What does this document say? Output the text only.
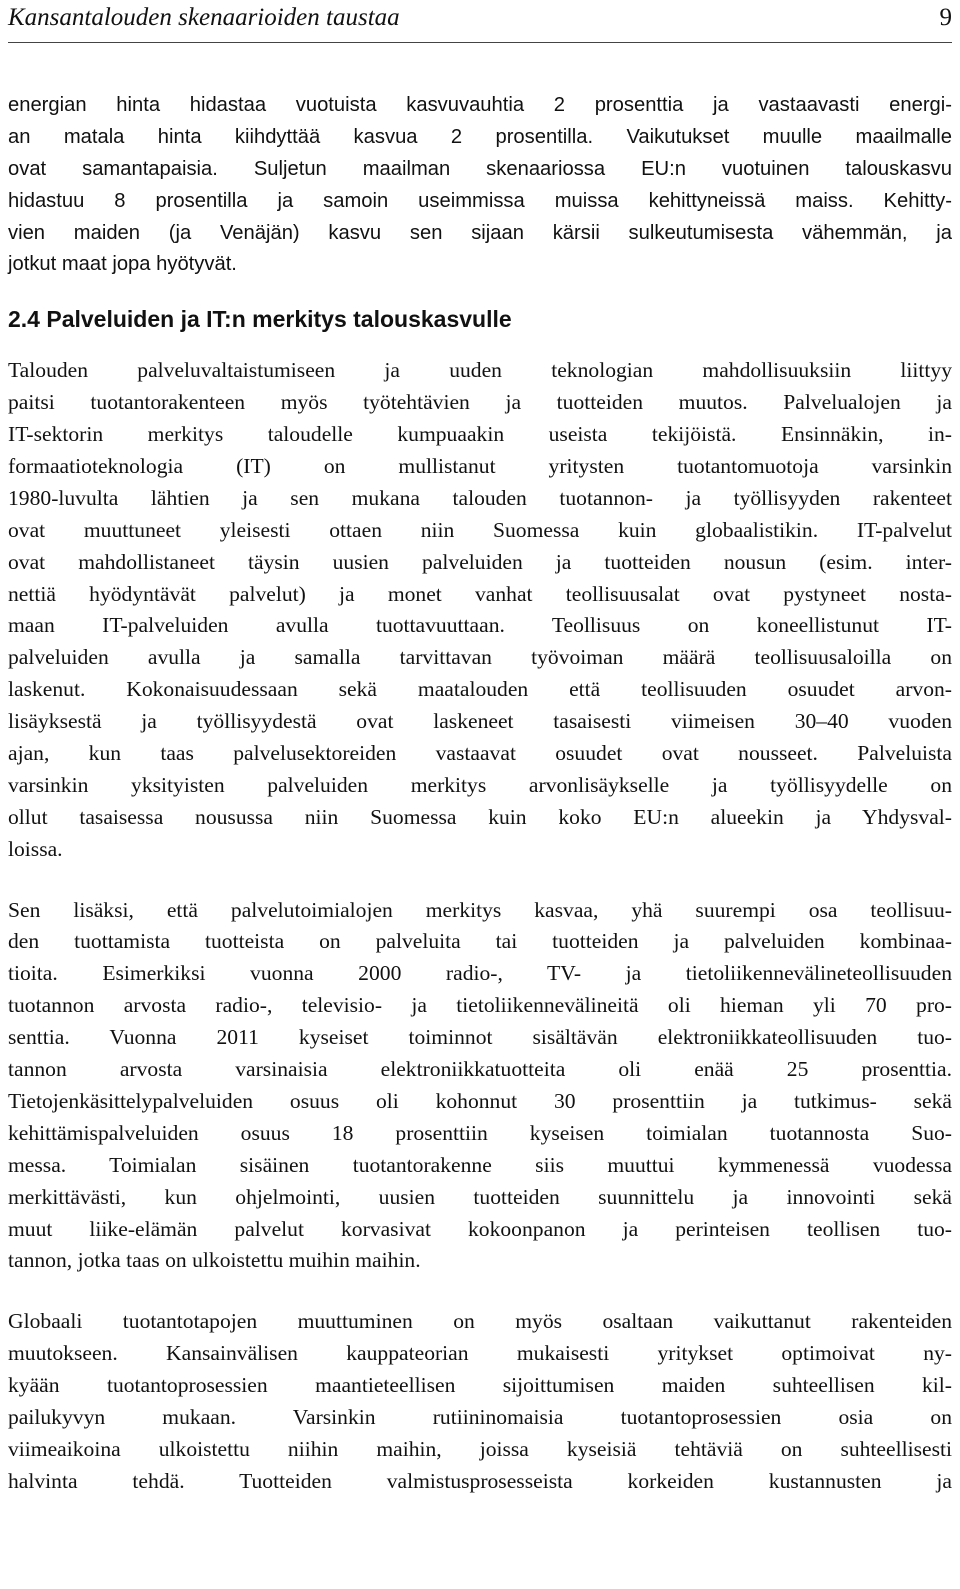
Kansantalouden skenaarioiden taustaa	9
energian hinta hidastaa vuotuista kasvuvauhtia 2 prosenttia ja vastaavasti energi-
an matala hinta kiihdyttää kasvua 2 prosentilla. Vaikutukset muulle maailmalle
ovat samantapaisia. Suljetun maailman skenaariossa EU:n vuotuinen talouskasvu
hidastuu 8 prosentilla ja samoin useimmissa muissa kehittyneissä maiss. Kehitty-
vien maiden (ja Venäjän) kasvu sen sijaan kärsii sulkeutumisesta vähemmän, ja
jotkut maat jopa hyötyvät.
2.4 Palveluiden ja IT:n merkitys talouskasvulle
Talouden palveluvaltaistumiseen ja uuden teknologian mahdollisuuksiin liittyy
paitsi tuotantorakenteen myös työtehtävien ja tuotteiden muutos. Palvelualojen ja
IT-sektorin merkitys taloudelle kumpuaakin useista tekijöistä. Ensinnäkin, in-
formaatioteknologia (IT) on mullistanut yritysten tuotantomuotoja varsinkin
1980-luvulta lähtien ja sen mukana talouden tuotannon- ja työllisyyden rakenteet
ovat muuttuneet yleisesti ottaen niin Suomessa kuin globaalistikin. IT-palvelut
ovat mahdollistaneet täysin uusien palveluiden ja tuotteiden nousun (esim. inter-
nettiä hyödyntävät palvelut) ja monet vanhat teollisuusalat ovat pystyneet nosta-
maan IT-palveluiden avulla tuottavuuttaan. Teollisuus on koneellistunut IT-
palveluiden avulla ja samalla tarvittavan työvoiman määrä teollisuusaloilla on
laskenut. Kokonaisuudessaan sekä maatalouden että teollisuuden osuudet arvon-
lisäyksestä ja työllisyydestä ovat laskeneet tasaisesti viimeisen 30–40 vuoden
ajan, kun taas palvelusektoreiden vastaavat osuudet ovat nousseet. Palveluista
varsinkin yksityisten palveluiden merkitys arvonlisäykselle ja työllisyydelle on
ollut tasaisessa nousussa niin Suomessa kuin koko EU:n alueekin ja Yhdysval-
loissa.
Sen lisäksi, että palvelutoimialojen merkitys kasvaa, yhä suurempi osa teollisuu-
den tuottamista tuotteista on palveluita tai tuotteiden ja palveluiden kombinaa-
tioita. Esimerkiksi vuonna 2000 radio-, TV- ja tietoliikennevälineteollisuuden
tuotannon arvosta radio-, televisio- ja tietoliikennevälineitä oli hieman yli 70 pro-
senttia. Vuonna 2011 kyseiset toiminnot sisältävän elektroniikkateollisuuden tuo-
tannon arvosta varsinaisia elektroniikkatuotteita oli enää 25 prosenttia.
Tietojenkäsittelypalveluiden osuus oli kohonnut 30 prosenttiin ja tutkimus- sekä
kehittämispalveluiden osuus 18 prosenttiin kyseisen toimialan tuotannosta Suo-
messa. Toimialan sisäinen tuotantorakenne siis muuttui kymmenessä vuodessa
merkittävästi, kun ohjelmointi, uusien tuotteiden suunnittelu ja innovointi sekä
muut liike-elämän palvelut korvasivat kokoonpanon ja perinteisen teollisen tuo-
tannon, jotka taas on ulkoistettu muihin maihin.
Globaali tuotantotapojen muuttuminen on myös osaltaan vaikuttanut rakenteiden
muutokseen. Kansainvälisen kauppateorian mukaisesti yritykset optimoivat ny-
kyään tuotantoprosessien maantieteellisen sijoittumisen maiden suhteellisen kil-
pailukyvyn mukaan. Varsinkin rutiininomaisia tuotantoprosessien osia on
viimeaikoina ulkoistettu niihin maihin, joissa kyseisiä tehtäviä on suhteellisesti
halvinta tehdä. Tuotteiden valmistusprosesseista korkeiden kustannusten ja
